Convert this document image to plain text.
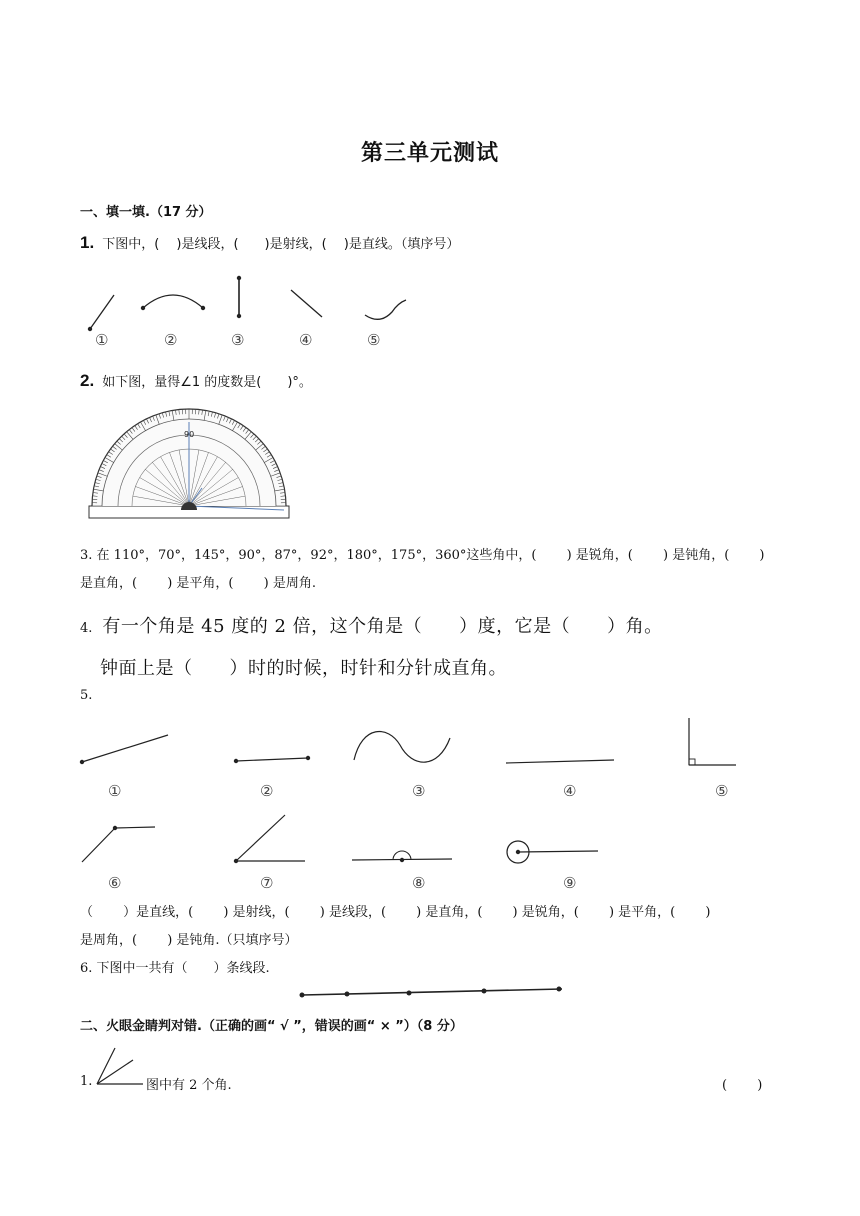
第三单元测试
一、填一填.（17 分）
1. 下图中，(　 )是线段，(　　)是射线，(　 )是直线。（填序号）
①	②	③	④	⑤
2. 如下图，量得∠1 的度数是(　　)°。
90
3. 在 110°，70°，145°，90°，87°，92°，180°，175°，360°这些角中，(　　 ) 是锐角，(　　 ) 是钝角，(　　 )
是直角，(　　 ) 是平角，(　　 ) 是周角.
4. 有一个角是 45 度的 2 倍，这个角是（　　）度，它是（　　）角。
钟面上是（　　）时的时候，时针和分针成直角。
5.
①	②	③	④	⑤
⑥	⑦	⑧	⑨
（　　 ）是直线，(　　 ) 是射线，(　　 ) 是线段，(　　 ) 是直角，(　　 ) 是锐角，(　　 ) 是平角，(　　 )
是周角，(　　 ) 是钝角.（只填序号）
6. 下图中一共有（　　）条线段.
二、火眼金睛判对错.（正确的画“ √ ”，错误的画“ × ”）（8 分）
1.	图中有 2 个角.	(　　 )
